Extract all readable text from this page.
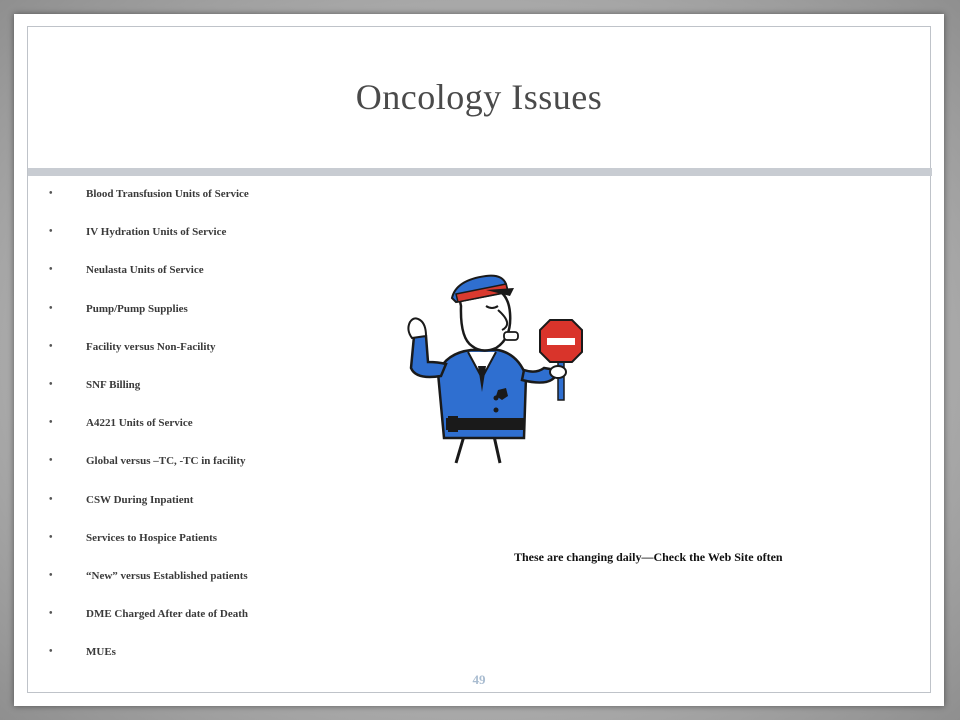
Oncology Issues
•	Blood Transfusion Units of Service
•	IV Hydration Units of Service
•	Neulasta Units of Service
•	Pump/Pump Supplies
•	Facility versus Non-Facility
•	SNF Billing
•	A4221 Units of Service
•	Global versus –TC, -TC in facility
•	CSW During Inpatient
•	Services to Hospice Patients
•	“New” versus Established patients
•	DME Charged After date of Death
•	MUEs
These are changing daily—Check the Web Site often
49
